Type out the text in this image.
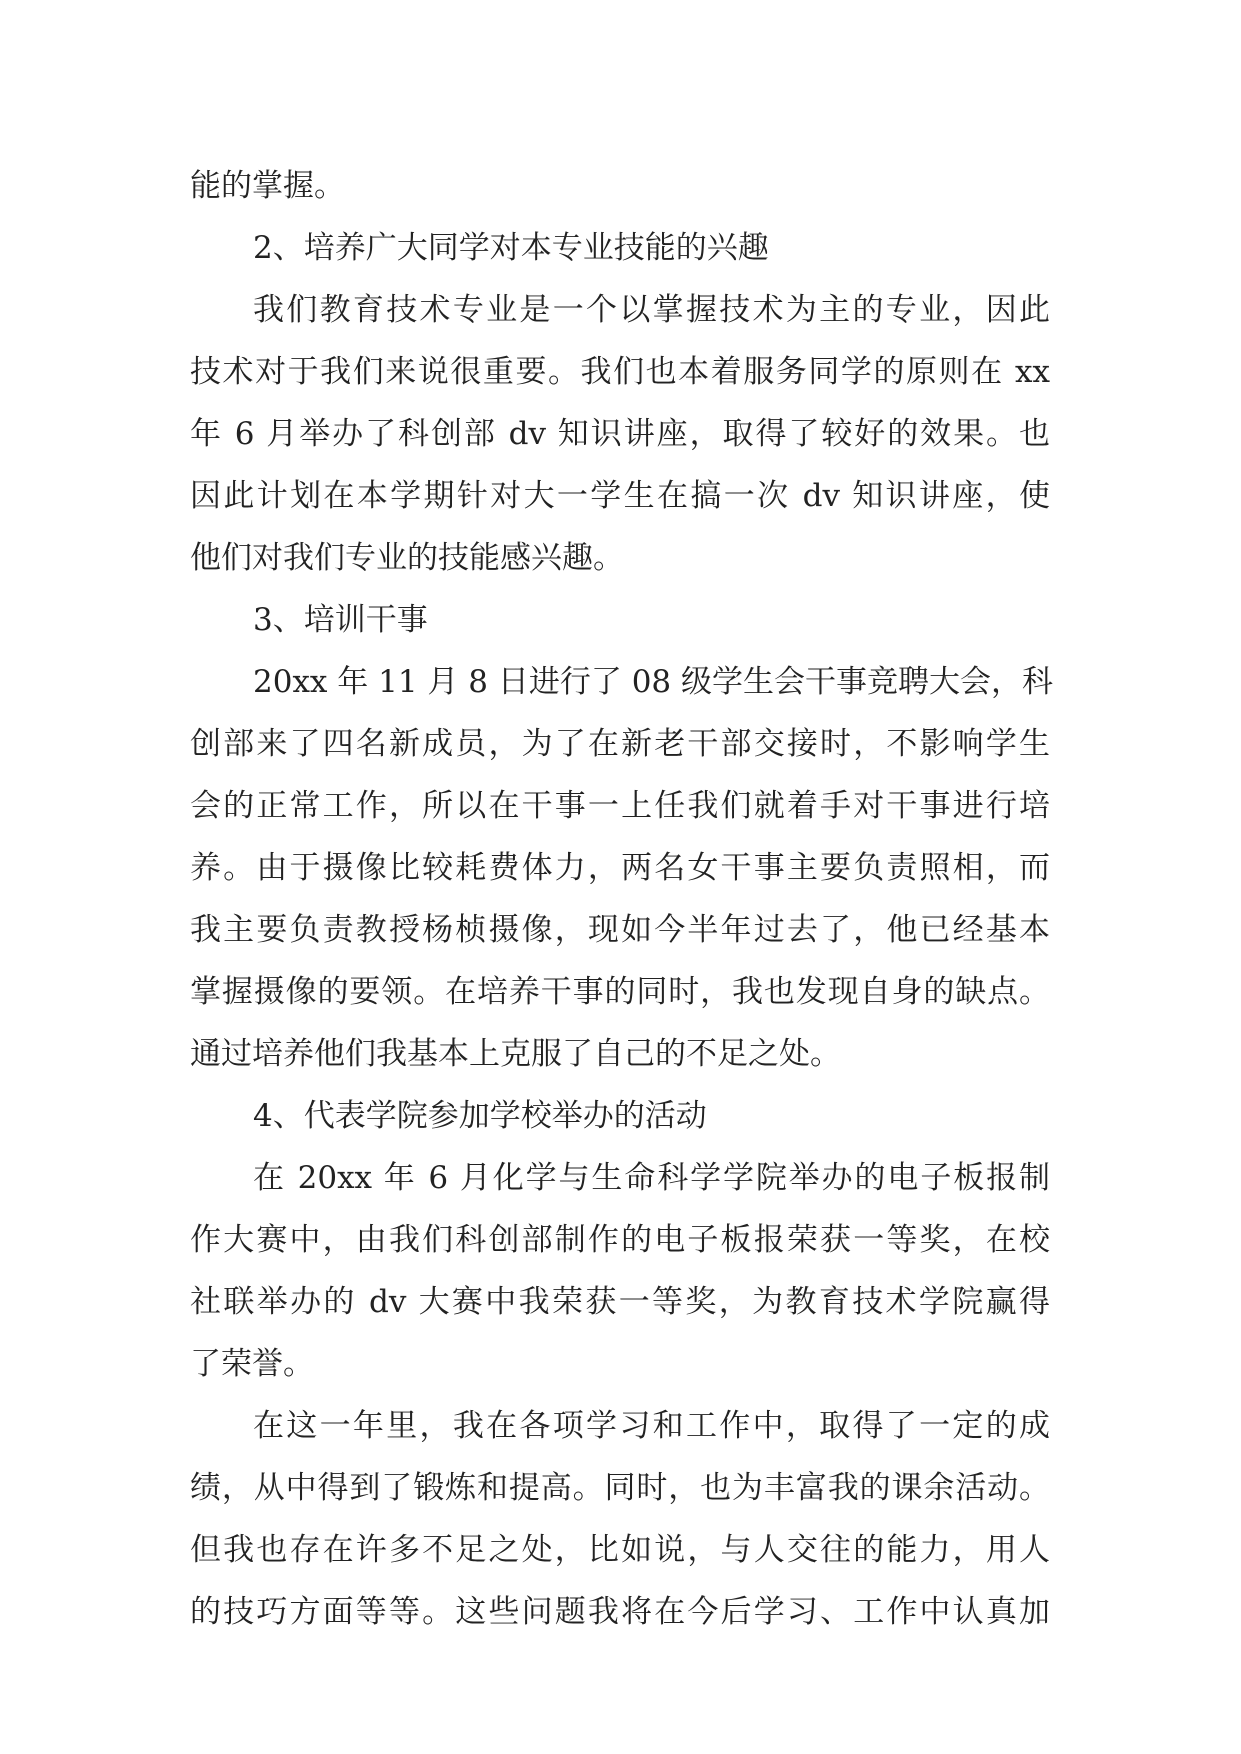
能的掌握。
2、培养广大同学对本专业技能的兴趣
我们教育技术专业是一个以掌握技术为主的专业，因此
技术对于我们来说很重要。我们也本着服务同学的原则在 xx
年 6 月举办了科创部 dv 知识讲座，取得了较好的效果。也
因此计划在本学期针对大一学生在搞一次 dv 知识讲座，使
他们对我们专业的技能感兴趣。
3、培训干事
20xx 年 11 月 8 日进行了 08 级学生会干事竞聘大会，科
创部来了四名新成员，为了在新老干部交接时，不影响学生
会的正常工作，所以在干事一上任我们就着手对干事进行培
养。由于摄像比较耗费体力，两名女干事主要负责照相，而
我主要负责教授杨桢摄像，现如今半年过去了，他已经基本
掌握摄像的要领。在培养干事的同时，我也发现自身的缺点。
通过培养他们我基本上克服了自己的不足之处。
4、代表学院参加学校举办的活动
在 20xx 年 6 月化学与生命科学学院举办的电子板报制
作大赛中，由我们科创部制作的电子板报荣获一等奖，在校
社联举办的 dv 大赛中我荣获一等奖，为教育技术学院赢得
了荣誉。
在这一年里，我在各项学习和工作中，取得了一定的成
绩，从中得到了锻炼和提高。同时，也为丰富我的课余活动。
但我也存在许多不足之处，比如说，与人交往的能力，用人
的技巧方面等等。这些问题我将在今后学习、工作中认真加
